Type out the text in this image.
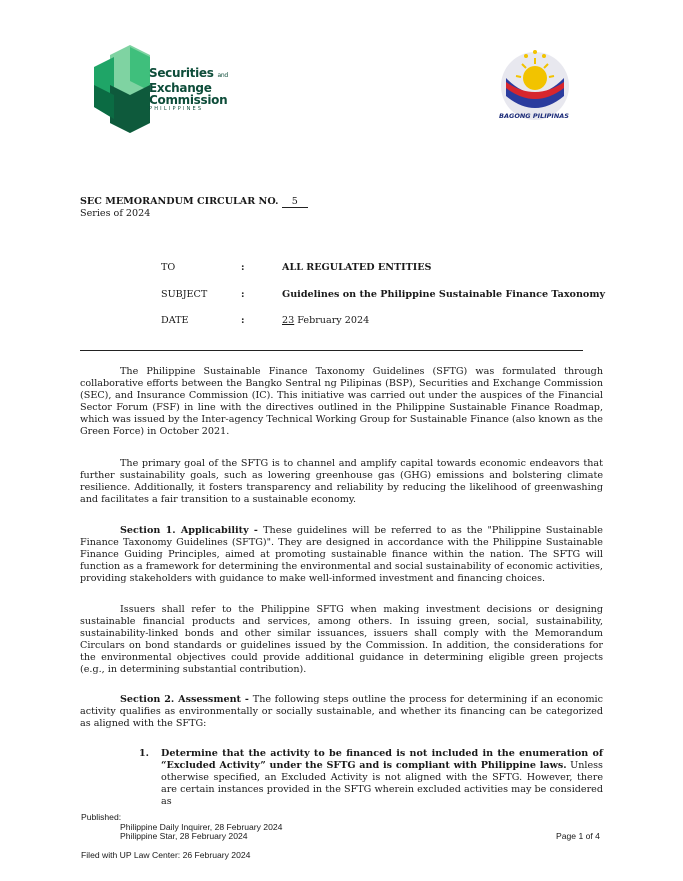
Securities and
Exchange
Commission
PHILIPPINES
BAGONG PILIPINAS
SEC MEMORANDUM CIRCULAR NO. 5
Series of 2024
TO	:	ALL REGULATED ENTITIES
SUBJECT	:	Guidelines on the Philippine Sustainable Finance Taxonomy
DATE	:	23 February 2024
The Philippine Sustainable Finance Taxonomy Guidelines (SFTG) was formulated through collaborative efforts between the Bangko Sentral ng Pilipinas (BSP), Securities and Exchange Commission (SEC), and Insurance Commission (IC). This initiative was carried out under the auspices of the Financial Sector Forum (FSF) in line with the directives outlined in the Philippine Sustainable Finance Roadmap, which was issued by the Inter-agency Technical Working Group for Sustainable Finance (also known as the Green Force) in October 2021.
The primary goal of the SFTG is to channel and amplify capital towards economic endeavors that further sustainability goals, such as lowering greenhouse gas (GHG) emissions and bolstering climate resilience. Additionally, it fosters transparency and reliability by reducing the likelihood of greenwashing and facilitates a fair transition to a sustainable economy.
Section 1. Applicability - These guidelines will be referred to as the "Philippine Sustainable Finance Taxonomy Guidelines (SFTG)". They are designed in accordance with the Philippine Sustainable Finance Guiding Principles, aimed at promoting sustainable finance within the nation. The SFTG will function as a framework for determining the environmental and social sustainability of economic activities, providing stakeholders with guidance to make well-informed investment and financing choices.
Issuers shall refer to the Philippine SFTG when making investment decisions or designing sustainable financial products and services, among others. In issuing green, social, sustainability, sustainability-linked bonds and other similar issuances, issuers shall comply with the Memorandum Circulars on bond standards or guidelines issued by the Commission. In addition, the considerations for the environmental objectives could provide additional guidance in determining eligible green projects (e.g., in determining substantial contribution).
Section 2. Assessment - The following steps outline the process for determining if an economic activity qualifies as environmentally or socially sustainable, and whether its financing can be categorized as aligned with the SFTG:
1. Determine that the activity to be financed is not included in the enumeration of “Excluded Activity” under the SFTG and is compliant with Philippine laws. Unless otherwise specified, an Excluded Activity is not aligned with the SFTG. However, there are certain instances provided in the SFTG wherein excluded activities may be considered as
Published:
Philippine Daily Inquirer, 28 February 2024
Philippine Star, 28 February 2024	Page 1 of 4
Filed with UP Law Center: 26 February 2024
